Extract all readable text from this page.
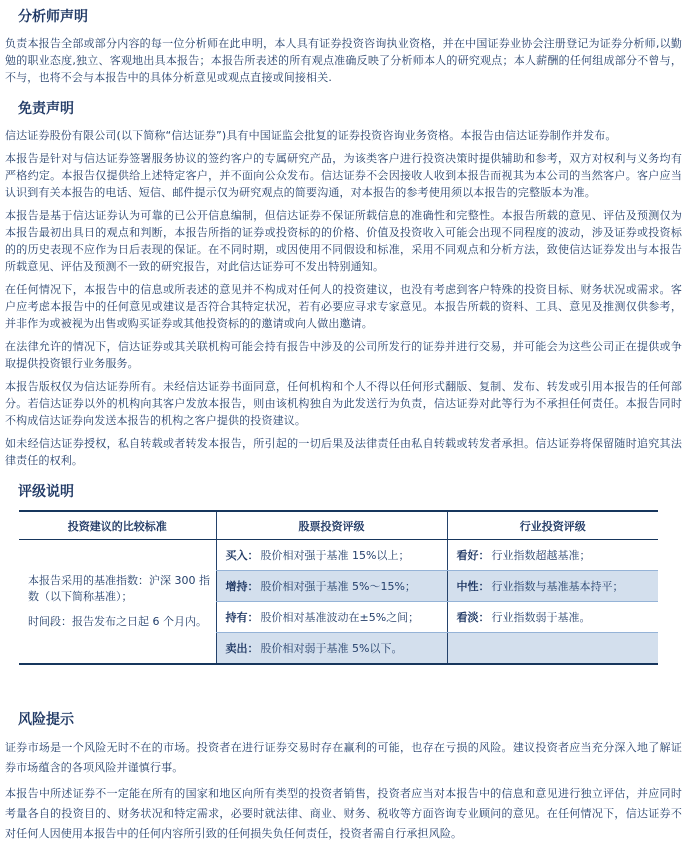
分析师声明

负责本报告全部或部分内容的每一位分析师在此申明，本人具有证券投资咨询执业资格，并在中国证券业协会注册登记为证券分析师,以勤勉的职业态度,独立、客观地出具本报告；本报告所表述的所有观点准确反映了分析师本人的研究观点；本人薪酬的任何组成部分不曾与，不与，也将不会与本报告中的具体分析意见或观点直接或间接相关.

免责声明

信达证券股份有限公司(以下简称“信达证券”)具有中国证监会批复的证券投资咨询业务资格。本报告由信达证券制作并发布。

本报告是针对与信达证券签署服务协议的签约客户的专属研究产品，为该类客户进行投资决策时提供辅助和参考，双方对权利与义务均有严格约定。本报告仅提供给上述特定客户，并不面向公众发布。信达证券不会因接收人收到本报告而视其为本公司的当然客户。客户应当认识到有关本报告的电话、短信、邮件提示仅为研究观点的简要沟通，对本报告的参考使用须以本报告的完整版本为准。

本报告是基于信达证券认为可靠的已公开信息编制，但信达证券不保证所载信息的准确性和完整性。本报告所载的意见、评估及预测仅为本报告最初出具日的观点和判断，本报告所指的证券或投资标的的价格、价值及投资收入可能会出现不同程度的波动，涉及证券或投资标的的历史表现不应作为日后表现的保证。在不同时期，或因使用不同假设和标准，采用不同观点和分析方法，致使信达证券发出与本报告所载意见、评估及预测不一致的研究报告，对此信达证券可不发出特别通知。

在任何情况下，本报告中的信息或所表述的意见并不构成对任何人的投资建议，也没有考虑到客户特殊的投资目标、财务状况或需求。客户应考虑本报告中的任何意见或建议是否符合其特定状况，若有必要应寻求专家意见。本报告所载的资料、工具、意见及推测仅供参考，并非作为或被视为出售或购买证券或其他投资标的的邀请或向人做出邀请。

在法律允许的情况下，信达证券或其关联机构可能会持有报告中涉及的公司所发行的证券并进行交易，并可能会为这些公司正在提供或争取提供投资银行业务服务。

本报告版权仅为信达证券所有。未经信达证券书面同意，任何机构和个人不得以任何形式翻版、复制、发布、转发或引用本报告的任何部分。若信达证券以外的机构向其客户发放本报告，则由该机构独自为此发送行为负责，信达证券对此等行为不承担任何责任。本报告同时不构成信达证券向发送本报告的机构之客户提供的投资建议。

如未经信达证券授权，私自转载或者转发本报告，所引起的一切后果及法律责任由私自转载或转发者承担。信达证券将保留随时追究其法律责任的权利。

评级说明
投资建议的比较标准	股票投资评级	行业投资评级

本报告采用的基准指数：沪深 300 指数（以下简称基准）；

时间段：报告发布之日起 6 个月内。	买入： 股价相对强于基准 15%以上；	看好： 行业指数超越基准；
	增持： 股价相对强于基准 5%～15%；	中性： 行业指数与基准基本持平；
	持有： 股价相对基准波动在±5%之间；	看淡： 行业指数弱于基准。
	卖出： 股价相对弱于基准 5%以下。	
风险提示

证券市场是一个风险无时不在的市场。投资者在进行证券交易时存在赢利的可能，也存在亏损的风险。建议投资者应当充分深入地了解证券市场蕴含的各项风险并谨慎行事。

本报告中所述证券不一定能在所有的国家和地区向所有类型的投资者销售，投资者应当对本报告中的信息和意见进行独立评估，并应同时考量各自的投资目的、财务状况和特定需求，必要时就法律、商业、财务、税收等方面咨询专业顾问的意见。在任何情况下，信达证券不对任何人因使用本报告中的任何内容所引致的任何损失负任何责任，投资者需自行承担风险。
